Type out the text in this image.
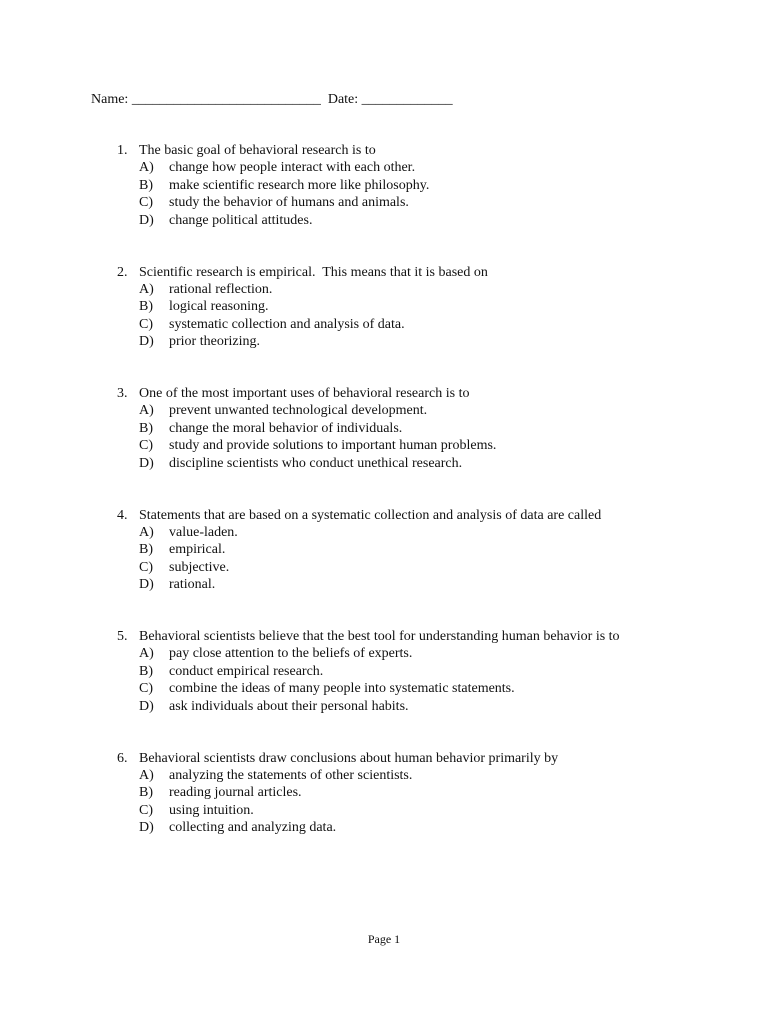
Name: ___________________________ Date: _____________
1. The basic goal of behavioral research is to
A) change how people interact with each other.
B) make scientific research more like philosophy.
C) study the behavior of humans and animals.
D) change political attitudes.
2. Scientific research is empirical.  This means that it is based on
A) rational reflection.
B) logical reasoning.
C) systematic collection and analysis of data.
D) prior theorizing.
3. One of the most important uses of behavioral research is to
A) prevent unwanted technological development.
B) change the moral behavior of individuals.
C) study and provide solutions to important human problems.
D) discipline scientists who conduct unethical research.
4. Statements that are based on a systematic collection and analysis of data are called
A) value-laden.
B) empirical.
C) subjective.
D) rational.
5. Behavioral scientists believe that the best tool for understanding human behavior is to
A) pay close attention to the beliefs of experts.
B) conduct empirical research.
C) combine the ideas of many people into systematic statements.
D) ask individuals about their personal habits.
6. Behavioral scientists draw conclusions about human behavior primarily by
A) analyzing the statements of other scientists.
B) reading journal articles.
C) using intuition.
D) collecting and analyzing data.
Page 1
